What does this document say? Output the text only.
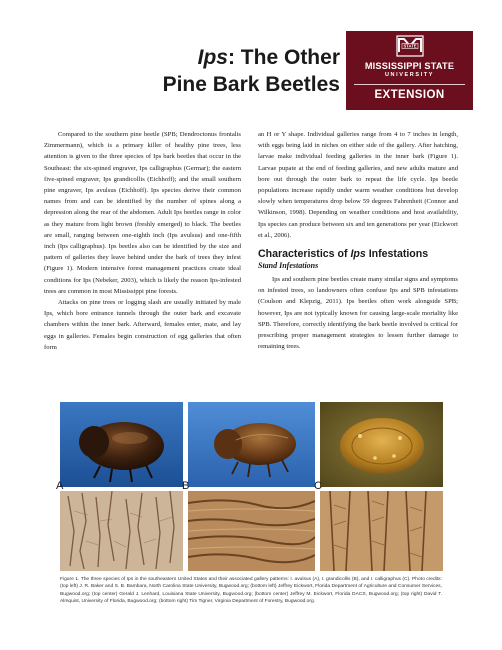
Ips: The Other
Pine Bark Beetles
STATE
MISSISSIPPI STATE
UNIVERSITY
EXTENSION

Compared to the southern pine beetle (SPB; Dendroctonus frontalis Zimmermann), which is a primary killer of healthy pine trees, less attention is given to the three species of Ips bark beetles that occur in the Southeast: the six-spined engraver, Ips calligraphus (Germar); the eastern five-spined engraver, Ips grandicollis (Eichhoff); and the small southern pine engraver, Ips avulsus (Eichhoff). Ips species derive their common names from and can be identified by the number of spines along a depression along the rear of the abdomen. Adult Ips beetles range in color as they mature from light brown (freshly emerged) to black. The beetles are small, ranging between one-eighth inch (Ips avulsus) and one-fifth inch (Ips calligraphus). Ips beetles also can be identified by the size and pattern of galleries they leave behind under the bark of trees they infest (Figure 1). Modern intensive forest management practices create ideal conditions for Ips (Nebeker, 2003), which is likely the reason Ips-infested trees are common in most Mississippi pine forests.

Attacks on pine trees or logging slash are usually initiated by male Ips, which bore entrance tunnels through the outer bark and excavate chambers within the inner bark. Afterward, females enter, mate, and lay eggs in galleries. Females begin construction of egg galleries that often form

an H or Y shape. Individual galleries range from 4 to 7 inches in length, with eggs being laid in niches on either side of the gallery. After hatching, larvae make individual feeding galleries in the inner bark (Figure 1). Larvae pupate at the end of feeding galleries, and new adults mature and bore out through the outer bark to repeat the life cycle. Ips beetle populations increase rapidly under warm weather conditions but develop slowly when temperatures drop below 59 degrees Fahrenheit (Connor and Wilkinson, 1998). Depending on weather conditions and host availability, Ips species can produce between six and ten generations per year (Eickwort et al., 2006).

Characteristics of Ips Infestations
Stand Infestations

Ips and southern pine beetles create many similar signs and symptoms on infested trees, so landowners often confuse Ips and SPB infestations (Coulson and Klepzig, 2011). Ips beetles often work alongside SPB; however, Ips are not typically known for causing large-scale mortality like SPB. Therefore, correctly identifying the bark beetle involved is critical for prescribing proper management strategies to lessen further damage to remaining trees.

A	B	C
Figure 1. The three species of Ips in the southeastern United States and their associated gallery patterns: I. avulsus (A), I. grandicollis (B), and I. calligraphus (C). Photo credits: (top left) J. R. Baker and S. B. Bambara, North Carolina State University, Bugwood.org; (bottom left) Jeffrey Eickwort, Florida Department of Agriculture and Consumer Services, Bugwood.org; (top center) Gerald J. Lenhard, Louisiana State University, Bugwood.org; (bottom center) Jeffrey M. Eickwort, Florida DACS, Bugwood.org; (top right) David T. Almquist, University of Florida, Bugwood.org; (bottom right) Tim Tigner, Virginia Department of Forestry, Bugwood.org.
